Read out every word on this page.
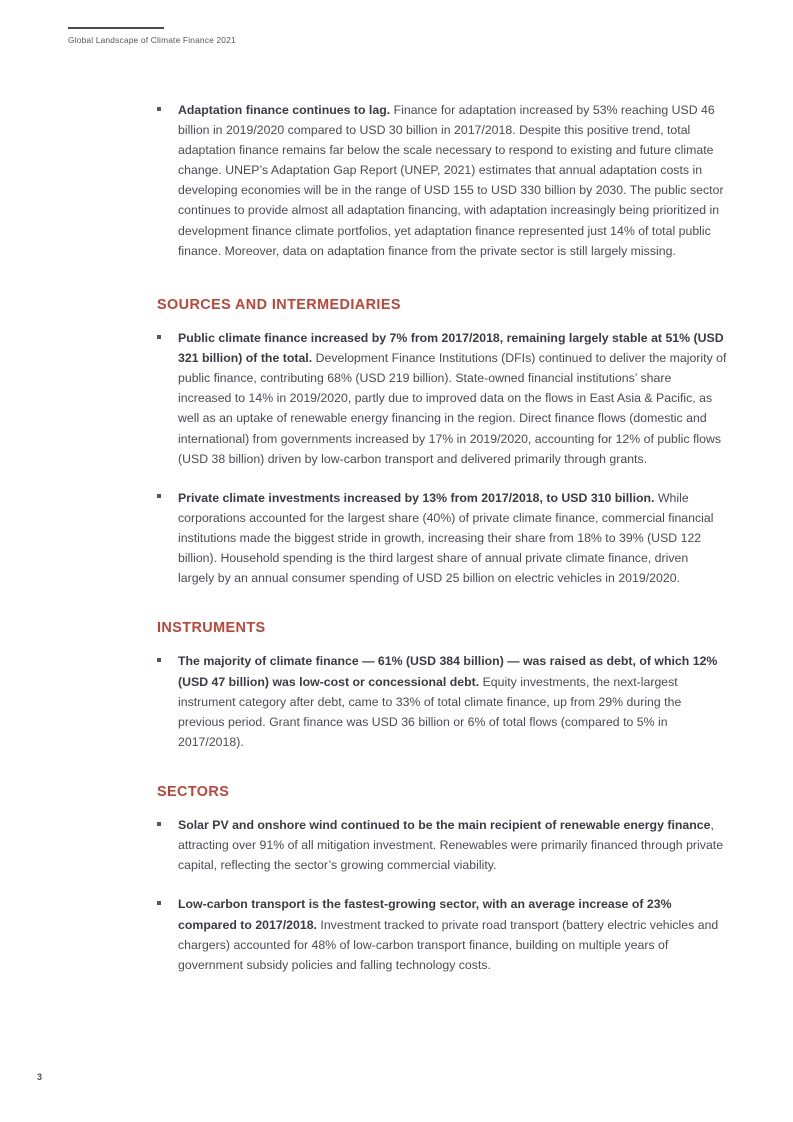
Global Landscape of Climate Finance 2021
Adaptation finance continues to lag. Finance for adaptation increased by 53% reaching USD 46 billion in 2019/2020 compared to USD 30 billion in 2017/2018. Despite this positive trend, total adaptation finance remains far below the scale necessary to respond to existing and future climate change. UNEP’s Adaptation Gap Report (UNEP, 2021) estimates that annual adaptation costs in developing economies will be in the range of USD 155 to USD 330 billion by 2030. The public sector continues to provide almost all adaptation financing, with adaptation increasingly being prioritized in development finance climate portfolios, yet adaptation finance represented just 14% of total public finance. Moreover, data on adaptation finance from the private sector is still largely missing.
SOURCES AND INTERMEDIARIES
Public climate finance increased by 7% from 2017/2018, remaining largely stable at 51% (USD 321 billion) of the total. Development Finance Institutions (DFIs) continued to deliver the majority of public finance, contributing 68% (USD 219 billion). State-owned financial institutions’ share increased to 14% in 2019/2020, partly due to improved data on the flows in East Asia & Pacific, as well as an uptake of renewable energy financing in the region. Direct finance flows (domestic and international) from governments increased by 17% in 2019/2020, accounting for 12% of public flows (USD 38 billion) driven by low-carbon transport and delivered primarily through grants.
Private climate investments increased by 13% from 2017/2018, to USD 310 billion. While corporations accounted for the largest share (40%) of private climate finance, commercial financial institutions made the biggest stride in growth, increasing their share from 18% to 39% (USD 122 billion). Household spending is the third largest share of annual private climate finance, driven largely by an annual consumer spending of USD 25 billion on electric vehicles in 2019/2020.
INSTRUMENTS
The majority of climate finance — 61% (USD 384 billion) — was raised as debt, of which 12% (USD 47 billion) was low-cost or concessional debt. Equity investments, the next-largest instrument category after debt, came to 33% of total climate finance, up from 29% during the previous period. Grant finance was USD 36 billion or 6% of total flows (compared to 5% in 2017/2018).
SECTORS
Solar PV and onshore wind continued to be the main recipient of renewable energy finance, attracting over 91% of all mitigation investment. Renewables were primarily financed through private capital, reflecting the sector’s growing commercial viability.
Low-carbon transport is the fastest-growing sector, with an average increase of 23% compared to 2017/2018. Investment tracked to private road transport (battery electric vehicles and chargers) accounted for 48% of low-carbon transport finance, building on multiple years of government subsidy policies and falling technology costs.
3
